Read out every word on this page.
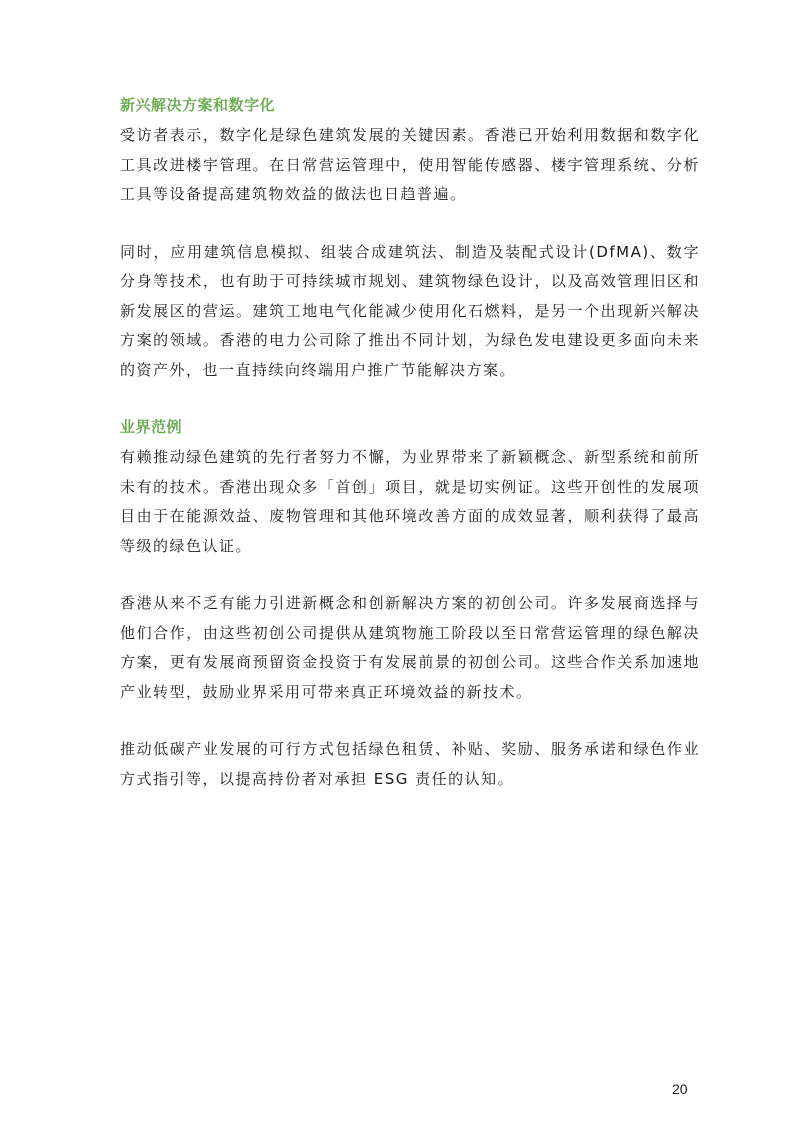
新兴解决方案和数字化

受访者表示，数字化是绿色建筑发展的关键因素。香港已开始利用数据和数字化工具改进楼宇管理。在日常营运管理中，使用智能传感器、楼宇管理系统、分析工具等设备提高建筑物效益的做法也日趋普遍。

同时，应用建筑信息模拟、组装合成建筑法、制造及装配式设计(DfMA)、数字分身等技术，也有助于可持续城市规划、建筑物绿色设计，以及高效管理旧区和新发展区的营运。建筑工地电气化能减少使用化石燃料，是另一个出现新兴解决方案的领域。香港的电力公司除了推出不同计划，为绿色发电建设更多面向未来的资产外，也一直持续向终端用户推广节能解决方案。

业界范例

有赖推动绿色建筑的先行者努力不懈，为业界带来了新颖概念、新型系统和前所未有的技术。香港出现众多「首创」项目，就是切实例证。这些开创性的发展项目由于在能源效益、废物管理和其他环境改善方面的成效显著，顺利获得了最高等级的绿色认证。

香港从来不乏有能力引进新概念和创新解决方案的初创公司。许多发展商选择与他们合作，由这些初创公司提供从建筑物施工阶段以至日常营运管理的绿色解决方案，更有发展商预留资金投资于有发展前景的初创公司。这些合作关系加速地产业转型，鼓励业界采用可带来真正环境效益的新技术。

推动低碳产业发展的可行方式包括绿色租赁、补贴、奖励、服务承诺和绿色作业方式指引等，以提高持份者对承担 ESG 责任的认知。

20
